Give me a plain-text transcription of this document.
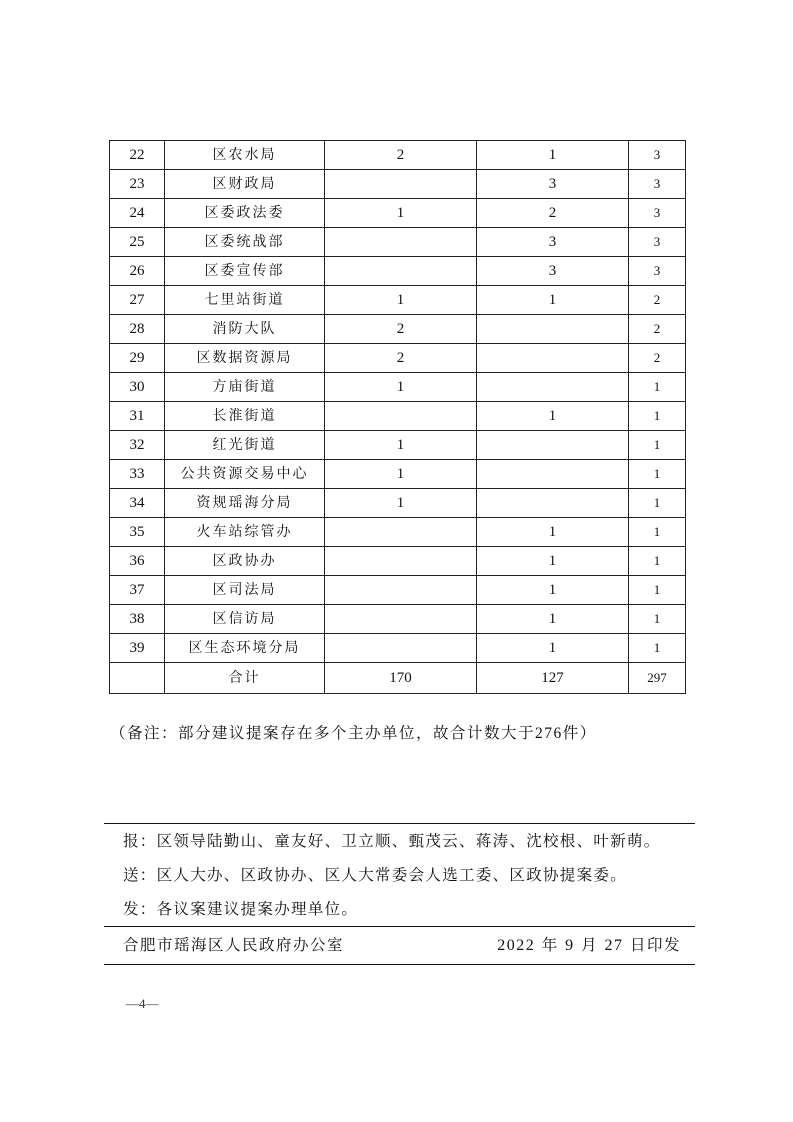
22	区农水局	2	1	3
23	区财政局		3	3
24	区委政法委	1	2	3
25	区委统战部		3	3
26	区委宣传部		3	3
27	七里站街道	1	1	2
28	消防大队	2		2
29	区数据资源局	2		2
30	方庙街道	1		1
31	长淮街道		1	1
32	红光街道	1		1
33	公共资源交易中心	1		1
34	资规瑶海分局	1		1
35	火车站综管办		1	1
36	区政协办		1	1
37	区司法局		1	1
38	区信访局		1	1
39	区生态环境分局		1	1
	合计	170	127	297
（备注：部分建议提案存在多个主办单位，故合计数大于276件）
报：区领导陆勤山、童友好、卫立顺、甄茂云、蒋涛、沈校根、叶新萌。
送：区人大办、区政协办、区人大常委会人选工委、区政协提案委。
发：各议案建议提案办理单位。
合肥市瑶海区人民政府办公室	2022 年 9 月 27 日印发
—4—
